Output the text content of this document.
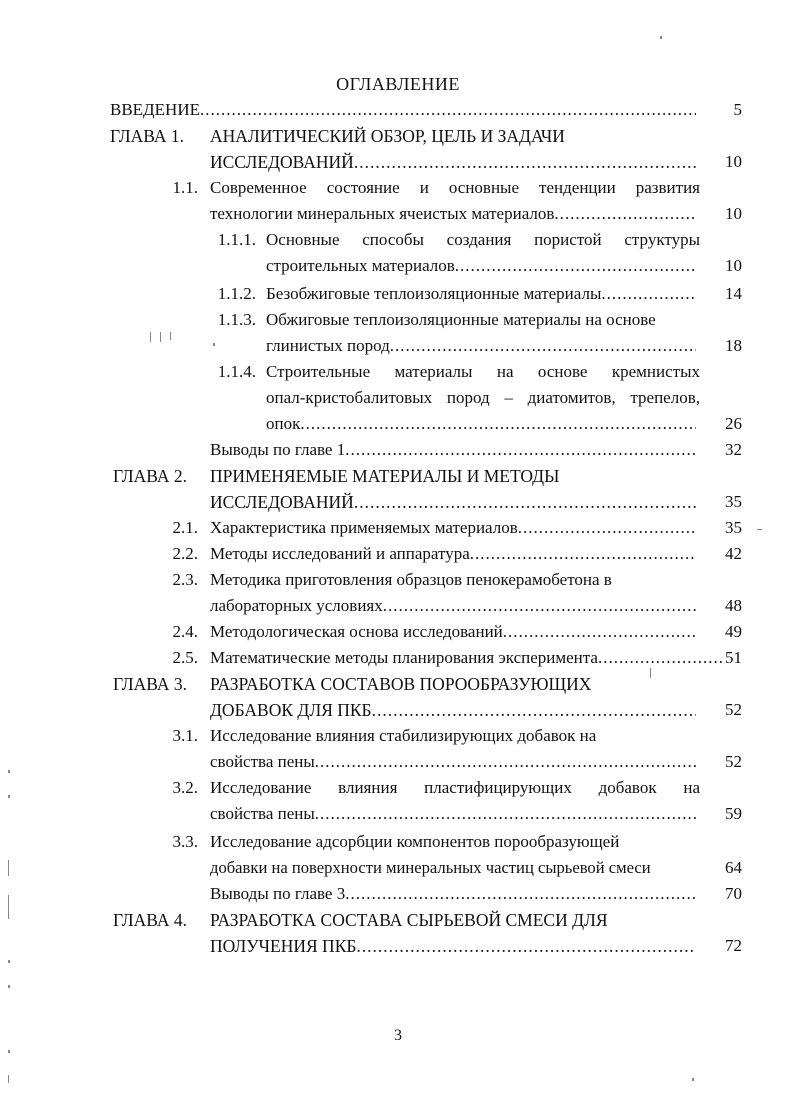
ОГЛАВЛЕНИЕ
ВВЕДЕНИЕ .....	5
ГЛАВА 1.	АНАЛИТИЧЕСКИЙ ОБЗОР, ЦЕЛЬ И ЗАДАЧИ
ИССЛЕДОВАНИЙ .....	10
1.1. Современное состояние и основные тенденции развития
технологии минеральных ячеистых материалов .....	10
1.1.1. Основные способы создания пористой структуры
строительных материалов .....	10
1.1.2. Безобжиговые теплоизоляционные материалы .....	14
1.1.3. Обжиговые теплоизоляционные материалы на основе
глинистых пород .....	18
1.1.4. Строительные материалы на основе кремнистых
опал-кристобалитовых пород – диатомитов, трепелов,
опок .....	26
Выводы по главе 1 .....	32
ГЛАВА 2.	ПРИМЕНЯЕМЫЕ МАТЕРИАЛЫ И МЕТОДЫ
ИССЛЕДОВАНИЙ .....	35
2.1. Характеристика применяемых материалов .....	35
2.2. Методы исследований и аппаратура .....	42
2.3. Методика приготовления образцов пенокерамобетона в
лабораторных условиях .....	48
2.4. Методологическая основа исследований .....	49
2.5. Математические методы планирования эксперимента .....	51
ГЛАВА 3.	РАЗРАБОТКА СОСТАВОВ ПОРООБРАЗУЮЩИХ
ДОБАВОК ДЛЯ ПКБ .....	52
3.1. Исследование влияния стабилизирующих добавок на
свойства пены .....	52
3.2. Исследование влияния пластифицирующих добавок на
свойства пены .....	59
3.3. Исследование адсорбции компонентов порообразующей
добавки на поверхности минеральных частиц сырьевой смеси	64
Выводы по главе 3 .....	70
ГЛАВА 4.	РАЗРАБОТКА СОСТАВА СЫРЬЕВОЙ СМЕСИ ДЛЯ
ПОЛУЧЕНИЯ ПКБ .....	72
3
